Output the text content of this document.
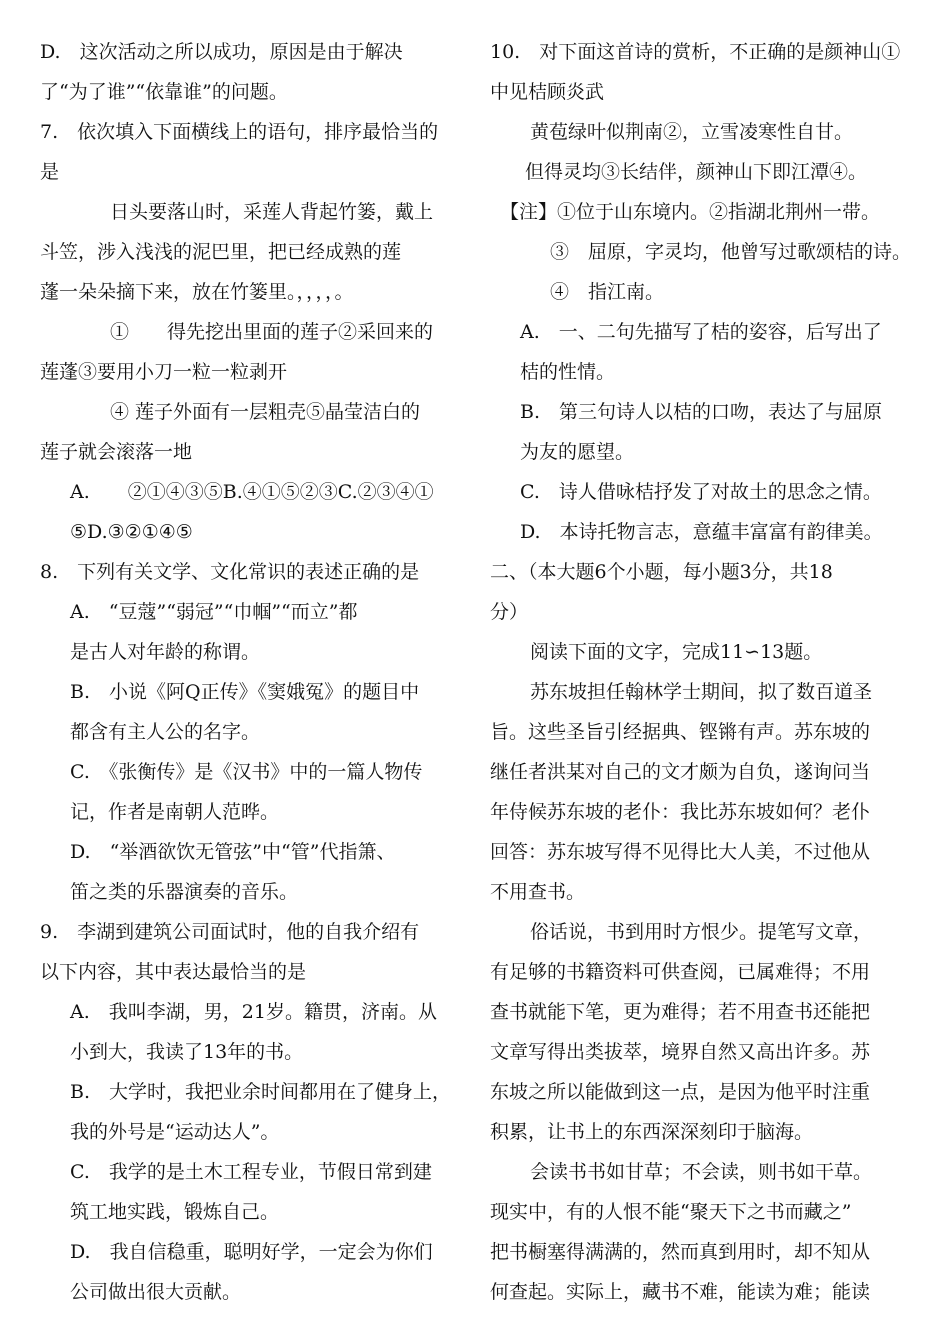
D.　这次活动之所以成功，原因是由于解决
了“为了谁”“依靠谁”的问题。
7.　依次填入下面横线上的语句，排序最恰当的
是
日头要落山时，采莲人背起竹篓，戴上
斗笠，涉入浅浅的泥巴里，把已经成熟的莲
蓬一朵朵摘下来，放在竹篓里。，，，，。
①　　得先挖出里面的莲子②采回来的
莲蓬③要用小刀一粒一粒剥开
④ 莲子外面有一层粗壳⑤晶莹洁白的
莲子就会滚落一地
A.　　②①④③⑤B.④①⑤②③C.②③④①
⑤D.③②①④⑤
8.　下列有关文学、文化常识的表述正确的是
A.　“豆蔻”“弱冠”“巾帼”“而立”都
是古人对年龄的称谓。
B.　小说《阿Q正传》《窦娥冤》的题目中
都含有主人公的名字。
C.　《张衡传》是《汉书》中的一篇人物传
记，作者是南朝人范晔。
D.　“举酒欲饮无管弦”中“管”代指箫、
笛之类的乐器演奏的音乐。
9.　李湖到建筑公司面试时，他的自我介绍有
以下内容，其中表达最恰当的是
A.　我叫李湖，男，21岁。籍贯，济南。从
小到大，我读了13年的书。
B.　大学时，我把业余时间都用在了健身上，
我的外号是“运动达人”。
C.　我学的是土木工程专业，节假日常到建
筑工地实践，锻炼自己。
D.　我自信稳重，聪明好学，一定会为你们
公司做出很大贡献。
10.　对下面这首诗的赏析，不正确的是颜神山①
中见桔顾炎武
黄苞绿叶似荆南②，立雪凌寒性自甘。
但得灵均③长结伴，颜神山下即江潭④。
【注】①位于山东境内。②指湖北荆州一带。
③　屈原，字灵均，他曾写过歌颂桔的诗。
④　指江南。
A.　一、二句先描写了桔的姿容，后写出了
桔的性情。
B.　第三句诗人以桔的口吻，表达了与屈原
为友的愿望。
C.　诗人借咏桔抒发了对故土的思念之情。
D.　本诗托物言志，意蕴丰富富有韵律美。
二、（本大题6个小题，每小题3分，共18
分）
阅读下面的文字，完成11∽13题。
苏东坡担任翰林学士期间，拟了数百道圣
旨。这些圣旨引经据典、铿锵有声。苏东坡的
继任者洪某对自己的文才颇为自负，遂询问当
年侍候苏东坡的老仆：我比苏东坡如何？老仆
回答：苏东坡写得不见得比大人美，不过他从
不用查书。
俗话说，书到用时方恨少。提笔写文章，
有足够的书籍资料可供查阅，已属难得；不用
查书就能下笔，更为难得；若不用查书还能把
文章写得出类拔萃，境界自然又高出许多。苏
东坡之所以能做到这一点，是因为他平时注重
积累，让书上的东西深深刻印于脑海。
会读书书如甘草；不会读，则书如干草。
现实中，有的人恨不能“聚天下之书而藏之”
把书橱塞得满满的，然而真到用时，却不知从
何查起。实际上，藏书不难，能读为难；能读
